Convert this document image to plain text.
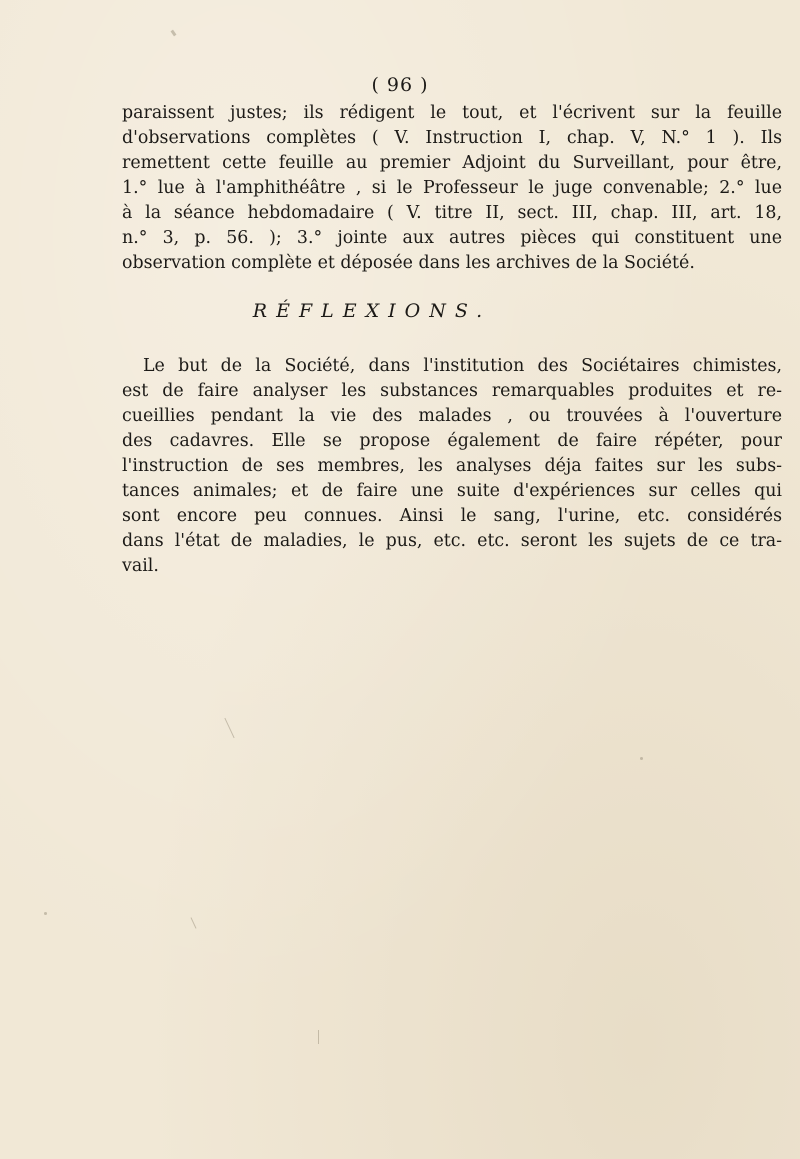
( 96 )
paraissent justes; ils rédigent le tout, et l'écrivent sur la feuille
d'observations complètes ( V. Instruction I, chap. V, N.° 1 ). Ils
remettent cette feuille au premier Adjoint du Surveillant, pour être,
1.° lue à l'amphithéâtre , si le Professeur le juge convenable; 2.° lue
à la séance hebdomadaire ( V. titre II, sect. III, chap. III, art. 18,
n.° 3, p. 56. ); 3.° jointe aux autres pièces qui constituent une
observation complète et déposée dans les archives de la Société.
RÉFLEXIONS.
Le but de la Société, dans l'institution des Sociétaires chimistes,
est de faire analyser les substances remarquables produites et re-
cueillies pendant la vie des malades , ou trouvées à l'ouverture
des cadavres. Elle se propose également de faire répéter, pour
l'instruction de ses membres, les analyses déja faites sur les subs-
tances animales; et de faire une suite d'expériences sur celles qui
sont encore peu connues. Ainsi le sang, l'urine, etc. considérés
dans l'état de maladies, le pus, etc. etc. seront les sujets de ce tra-
vail.
